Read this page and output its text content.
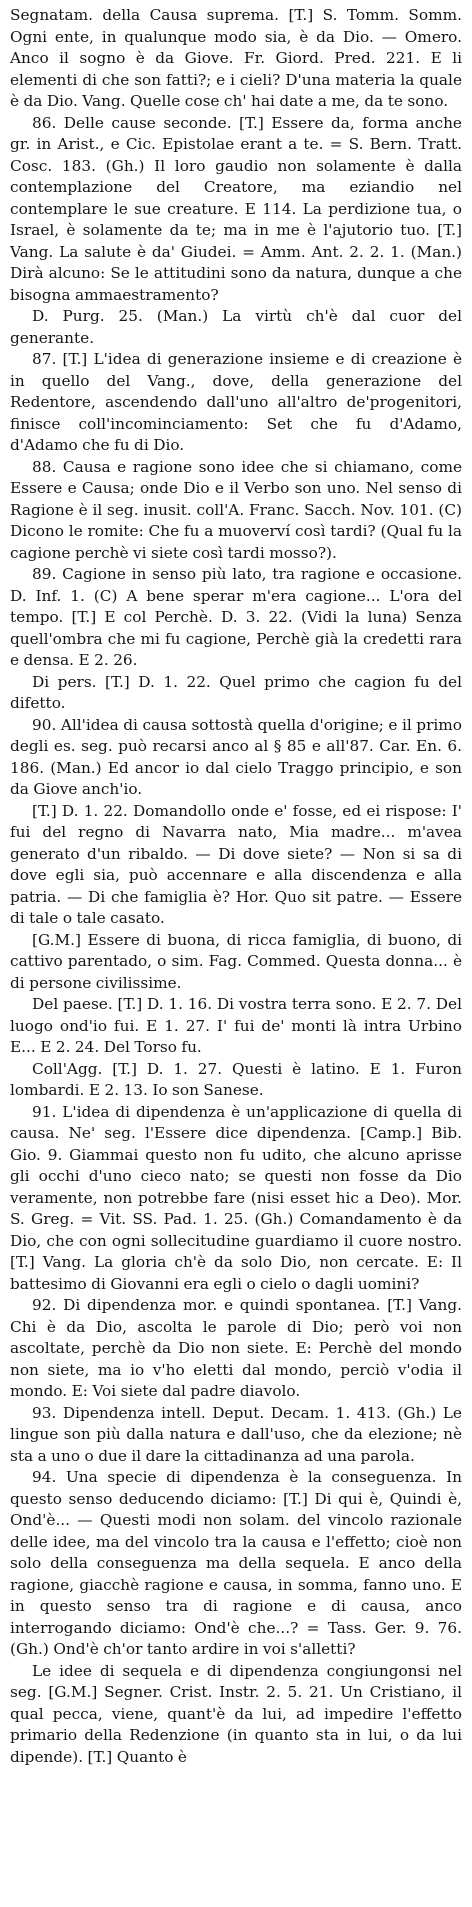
Segnatam. della Causa suprema. [T.] S. Tomm. Somm. Ogni ente, in qualunque modo sia, è da Dio. — Omero. Anco il sogno è da Giove. Fr. Giord. Pred. 221. E li elementi di che son fatti?; e i cieli? D'una materia la quale è da Dio. Vang. Quelle cose ch' hai date a me, da te sono.

86. Delle cause seconde. [T.] Essere da, forma anche gr. in Arist., e Cic. Epistolae erant a te. = S. Bern. Tratt. Cosc. 183. (Gh.) Il loro gaudio non solamente è dalla contemplazione del Creatore, ma eziandio nel contemplare le sue creature. E 114. La perdizione tua, o Israel, è solamente da te; ma in me è l'ajutorio tuo. [T.] Vang. La salute è da' Giudei. = Amm. Ant. 2. 2. 1. (Man.) Dirà alcuno: Se le attitudini sono da natura, dunque a che bisogna ammaestramento?

D. Purg. 25. (Man.) La virtù ch'è dal cuor del generante.

87. [T.] L'idea di generazione insieme e di creazione è in quello del Vang., dove, della generazione del Redentore, ascendendo dall'uno all'altro de'progenitori, finisce coll'incominciamento: Set che fu d'Adamo, d'Adamo che fu di Dio.

88. Causa e ragione sono idee che si chiamano, come Essere e Causa; onde Dio e il Verbo son uno. Nel senso di Ragione è il seg. inusit. coll'A. Franc. Sacch. Nov. 101. (C) Dicono le romite: Che fu a muoverví così tardi? (Qual fu la cagione perchè vi siete così tardi mosso?).

89. Cagione in senso più lato, tra ragione e occasione. D. Inf. 1. (C) A bene sperar m'era cagione... L'ora del tempo. [T.] E col Perchè. D. 3. 22. (Vidi la luna) Senza quell'ombra che mi fu cagione, Perchè già la credetti rara e densa. E 2. 26.

Di pers. [T.] D. 1. 22. Quel primo che cagion fu del difetto.

90. All'idea di causa sottostà quella d'origine; e il primo degli es. seg. può recarsi anco al § 85 e all'87. Car. En. 6. 186. (Man.) Ed ancor io dal cielo Traggo principio, e son da Giove anch'io.

[T.] D. 1. 22. Domandollo onde e' fosse, ed ei rispose: I' fui del regno di Navarra nato, Mia madre... m'avea generato d'un ribaldo. — Di dove siete? — Non si sa di dove egli sia, può accennare e alla discendenza e alla patria. — Di che famiglia è? Hor. Quo sit patre. — Essere di tale o tale casato.

[G.M.] Essere di buona, di ricca famiglia, di buono, di cattivo parentado, o sim. Fag. Commed. Questa donna... è di persone civilissime.

Del paese. [T.] D. 1. 16. Di vostra terra sono. E 2. 7. Del luogo ond'io fui. E 1. 27. I' fui de' monti là intra Urbino E... E 2. 24. Del Torso fu.

Coll'Agg. [T.] D. 1. 27. Questi è latino. E 1. Furon lombardi. E 2. 13. Io son Sanese.

91. L'idea di dipendenza è un'applicazione di quella di causa. Ne' seg. l'Essere dice dipendenza. [Camp.] Bib. Gio. 9. Giammai questo non fu udito, che alcuno aprisse gli occhi d'uno cieco nato; se questi non fosse da Dio veramente, non potrebbe fare (nisi esset hic a Deo). Mor. S. Greg. = Vit. SS. Pad. 1. 25. (Gh.) Comandamento è da Dio, che con ogni sollecitudine guardiamo il cuore nostro. [T.] Vang. La gloria ch'è da solo Dio, non cercate. E: Il battesimo di Giovanni era egli o cielo o dagli uomini?

92. Di dipendenza mor. e quindi spontanea. [T.] Vang. Chi è da Dio, ascolta le parole di Dio; però voi non ascoltate, perchè da Dio non siete. E: Perchè del mondo non siete, ma io v'ho eletti dal mondo, perciò v'odia il mondo. E: Voi siete dal padre diavolo.

93. Dipendenza intell. Deput. Decam. 1. 413. (Gh.) Le lingue son più dalla natura e dall'uso, che da elezione; nè sta a uno o due il dare la cittadinanza ad una parola.

94. Una specie di dipendenza è la conseguenza. In questo senso deducendo diciamo: [T.] Di qui è, Quindi è, Ond'è... — Questi modi non solam. del vincolo razionale delle idee, ma del vincolo tra la causa e l'effetto; cioè non solo della conseguenza ma della sequela. E anco della ragione, giacchè ragione e causa, in somma, fanno uno. E in questo senso tra di ragione e di causa, anco interrogando diciamo: Ond'è che...? = Tass. Ger. 9. 76. (Gh.) Ond'è ch'or tanto ardire in voi s'alletti?

Le idee di sequela e di dipendenza congiungonsi nel seg. [G.M.] Segner. Crist. Instr. 2. 5. 21. Un Cristiano, il qual pecca, viene, quant'è da lui, ad impedire l'effetto primario della Redenzione (in quanto sta in lui, o da lui dipende). [T.] Quanto è
